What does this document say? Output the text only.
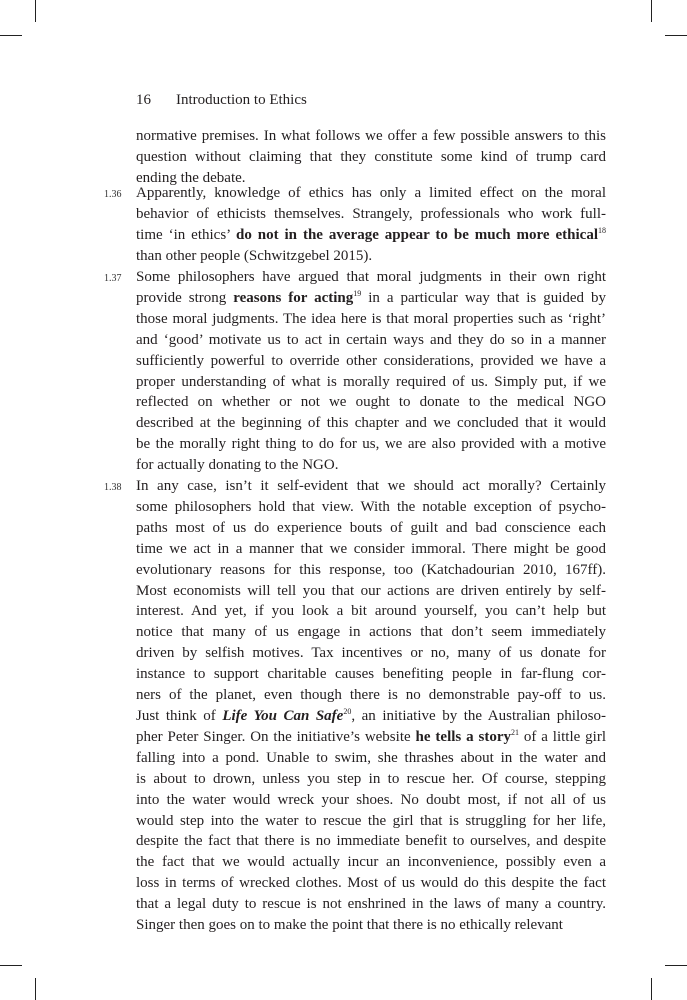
16 Introduction to Ethics
normative premises. In what follows we offer a few possible answers to this
question without claiming that they constitute some kind of trump card
ending the debate.
1.36 Apparently, knowledge of ethics has only a limited effect on the moral
behavior of ethicists themselves. Strangely, professionals who work full-
time ‘in ethics’ do not in the average appear to be much more ethical$^{18}$
than other people (Schwitzgebel 2015).
1.37 Some philosophers have argued that moral judgments in their own right
provide strong reasons for acting$^{19}$ in a particular way that is guided by
those moral judgments. The idea here is that moral properties such as ‘right’
and ‘good’ motivate us to act in certain ways and they do so in a manner
sufficiently powerful to override other considerations, provided we have a
proper understanding of what is morally required of us. Simply put, if we
reflected on whether or not we ought to donate to the medical NGO
described at the beginning of this chapter and we concluded that it would
be the morally right thing to do for us, we are also provided with a motive
for actually donating to the NGO.
1.38 In any case, isn’t it self-evident that we should act morally? Certainly
some philosophers hold that view. With the notable exception of psycho-
paths most of us do experience bouts of guilt and bad conscience each
time we act in a manner that we consider immoral. There might be good
evolutionary reasons for this response, too (Katchadourian 2010, 167ff).
Most economists will tell you that our actions are driven entirely by self-
interest. And yet, if you look a bit around yourself, you can’t help but
notice that many of us engage in actions that don’t seem immediately
driven by selfish motives. Tax incentives or no, many of us donate for
instance to support charitable causes benefiting people in far-flung cor-
ners of the planet, even though there is no demonstrable pay-off to us.
Just think of Life You Can Safe$^{20}$, an initiative by the Australian philoso-
pher Peter Singer. On the initiative’s website he tells a story$^{21}$ of a little girl
falling into a pond. Unable to swim, she thrashes about in the water and
is about to drown, unless you step in to rescue her. Of course, stepping
into the water would wreck your shoes. No doubt most, if not all of us
would step into the water to rescue the girl that is struggling for her life,
despite the fact that there is no immediate benefit to ourselves, and despite
the fact that we would actually incur an inconvenience, possibly even a
loss in terms of wrecked clothes. Most of us would do this despite the fact
that a legal duty to rescue is not enshrined in the laws of many a country.
Singer then goes on to make the point that there is no ethically relevant
